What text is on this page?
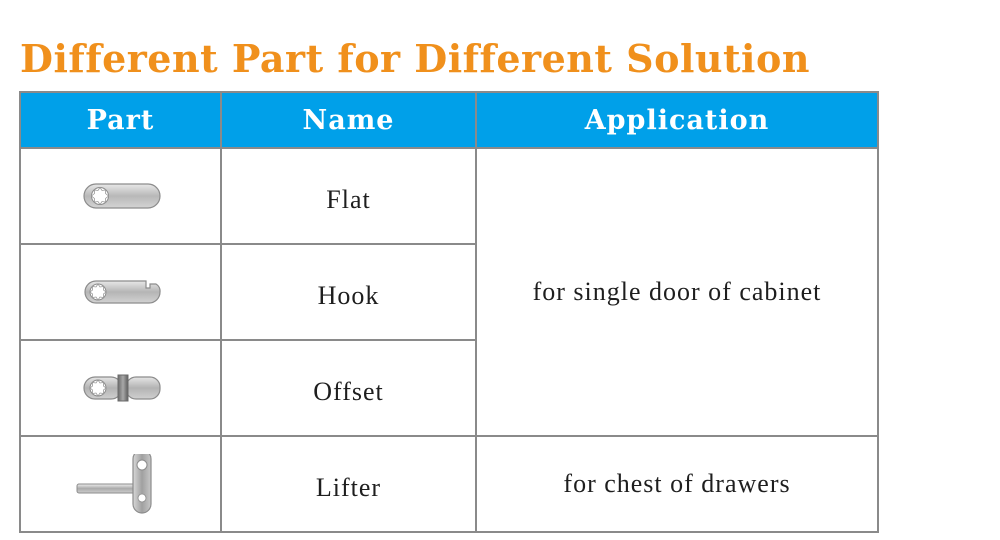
Different Part for Different Solution
Part	Name	Application

	Flat	for single door of cabinet

	Hook	

	Offset	

	Lifter	for chest of drawers
